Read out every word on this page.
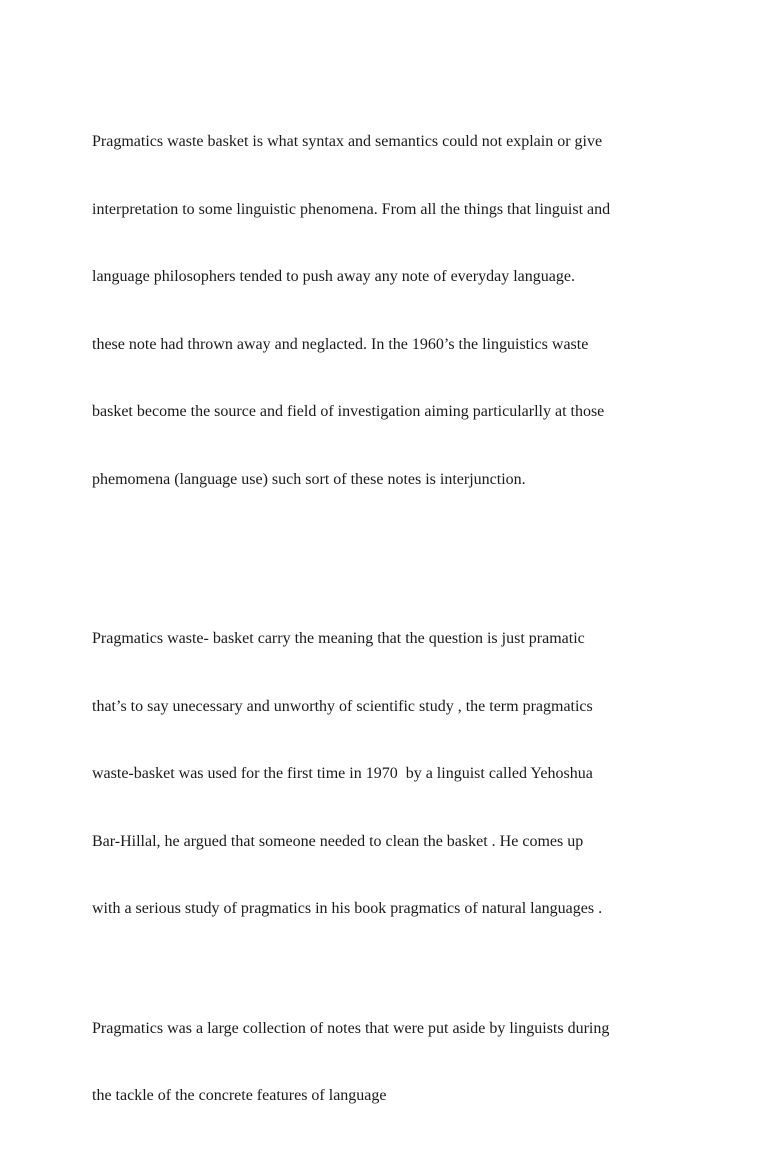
Pragmatics waste basket is what syntax and semantics could not explain or give

interpretation to some linguistic phenomena. From all the things that linguist and

language philosophers tended to push away any note of everyday language.

these note had thrown away and neglacted. In the 1960’s the linguistics waste

basket become the source and field of investigation aiming particularlly at those

phemomena (language use) such sort of these notes is interjunction.

Pragmatics waste- basket carry the meaning that the question is just pramatic

that’s to say unecessary and unworthy of scientific study , the term pragmatics

waste-basket was used for the first time in 1970  by a linguist called Yehoshua

Bar-Hillal, he argued that someone needed to clean the basket . He comes up

with a serious study of pragmatics in his book pragmatics of natural languages .

Pragmatics was a large collection of notes that were put aside by linguists during

the tackle of the concrete features of language
